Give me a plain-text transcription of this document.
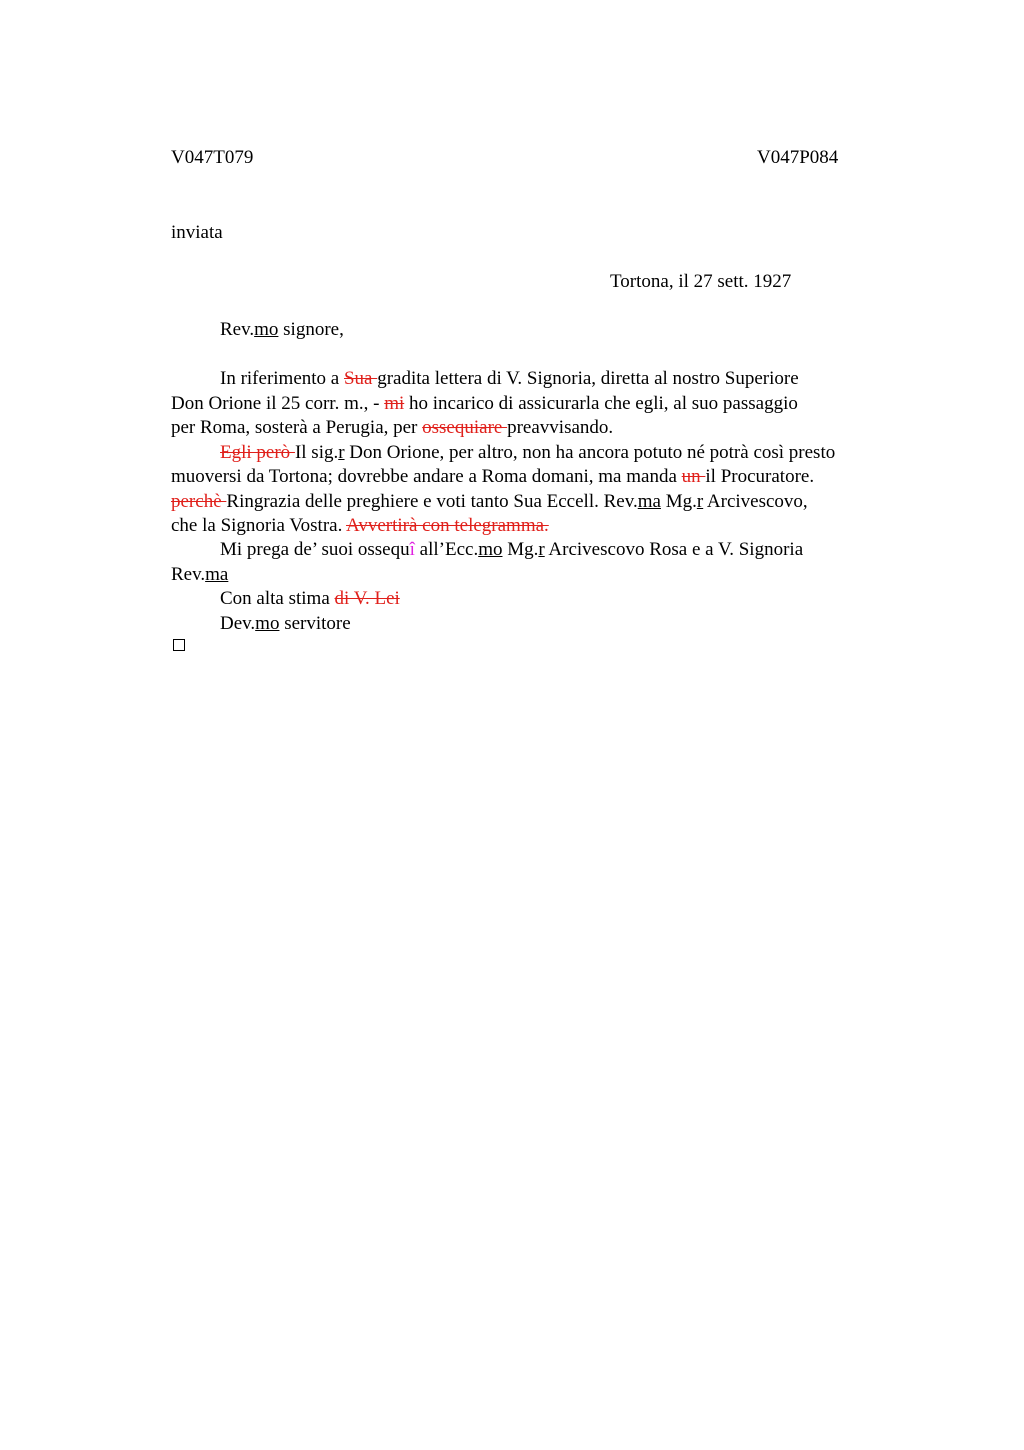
V047T079	V047P084
inviata
Tortona, il 27 sett. 1927
Rev.mo signore,
In riferimento a Sua gradita lettera di V. Signoria, diretta al nostro Superiore
Don Orione il 25 corr. m., - mi ho incarico di assicurarla che egli, al suo passaggio
per Roma, sosterà a Perugia, per ossequiare preavvisando.
Egli però Il sig.r Don Orione, per altro, non ha ancora potuto né potrà così presto
muoversi da Tortona; dovrebbe andare a Roma domani, ma manda un il Procuratore.
perchè Ringrazia delle preghiere e voti tanto Sua Eccell. Rev.ma Mg.r Arcivescovo,
che la Signoria Vostra. Avvertirà con telegramma.
Mi prega de’ suoi ossequî all’Ecc.mo Mg.r Arcivescovo Rosa e a V. Signoria
Rev.ma
Con alta stima di V. Lei
Dev.mo servitore
